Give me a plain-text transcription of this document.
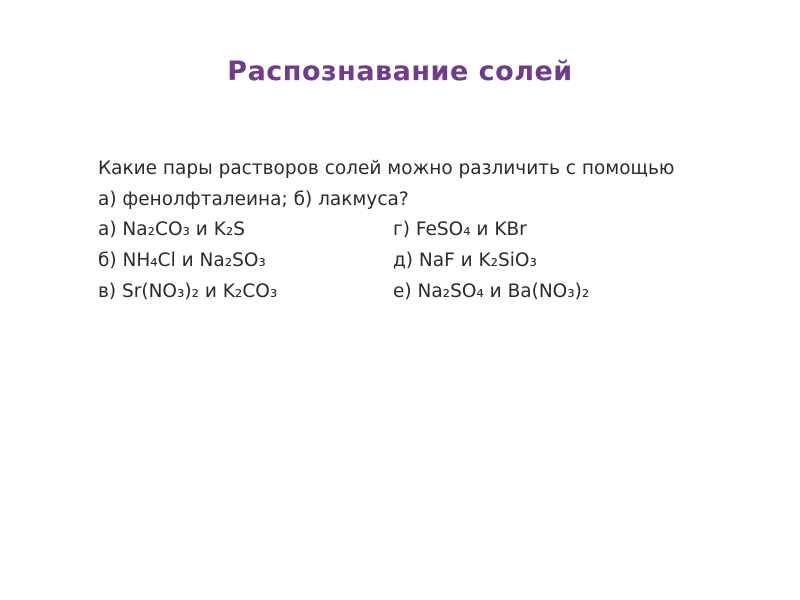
Распознавание солей
Какие пары растворов солей можно различить с помощью
а) фенолфталеина; б) лакмуса?
а) Na₂CO₃ и K₂S	г) FeSO₄ и KBr
б) NH₄Cl и Na₂SO₃	д) NaF и K₂SiO₃
в) Sr(NO₃)₂ и K₂CO₃	е) Na₂SO₄ и Ba(NO₃)₂
